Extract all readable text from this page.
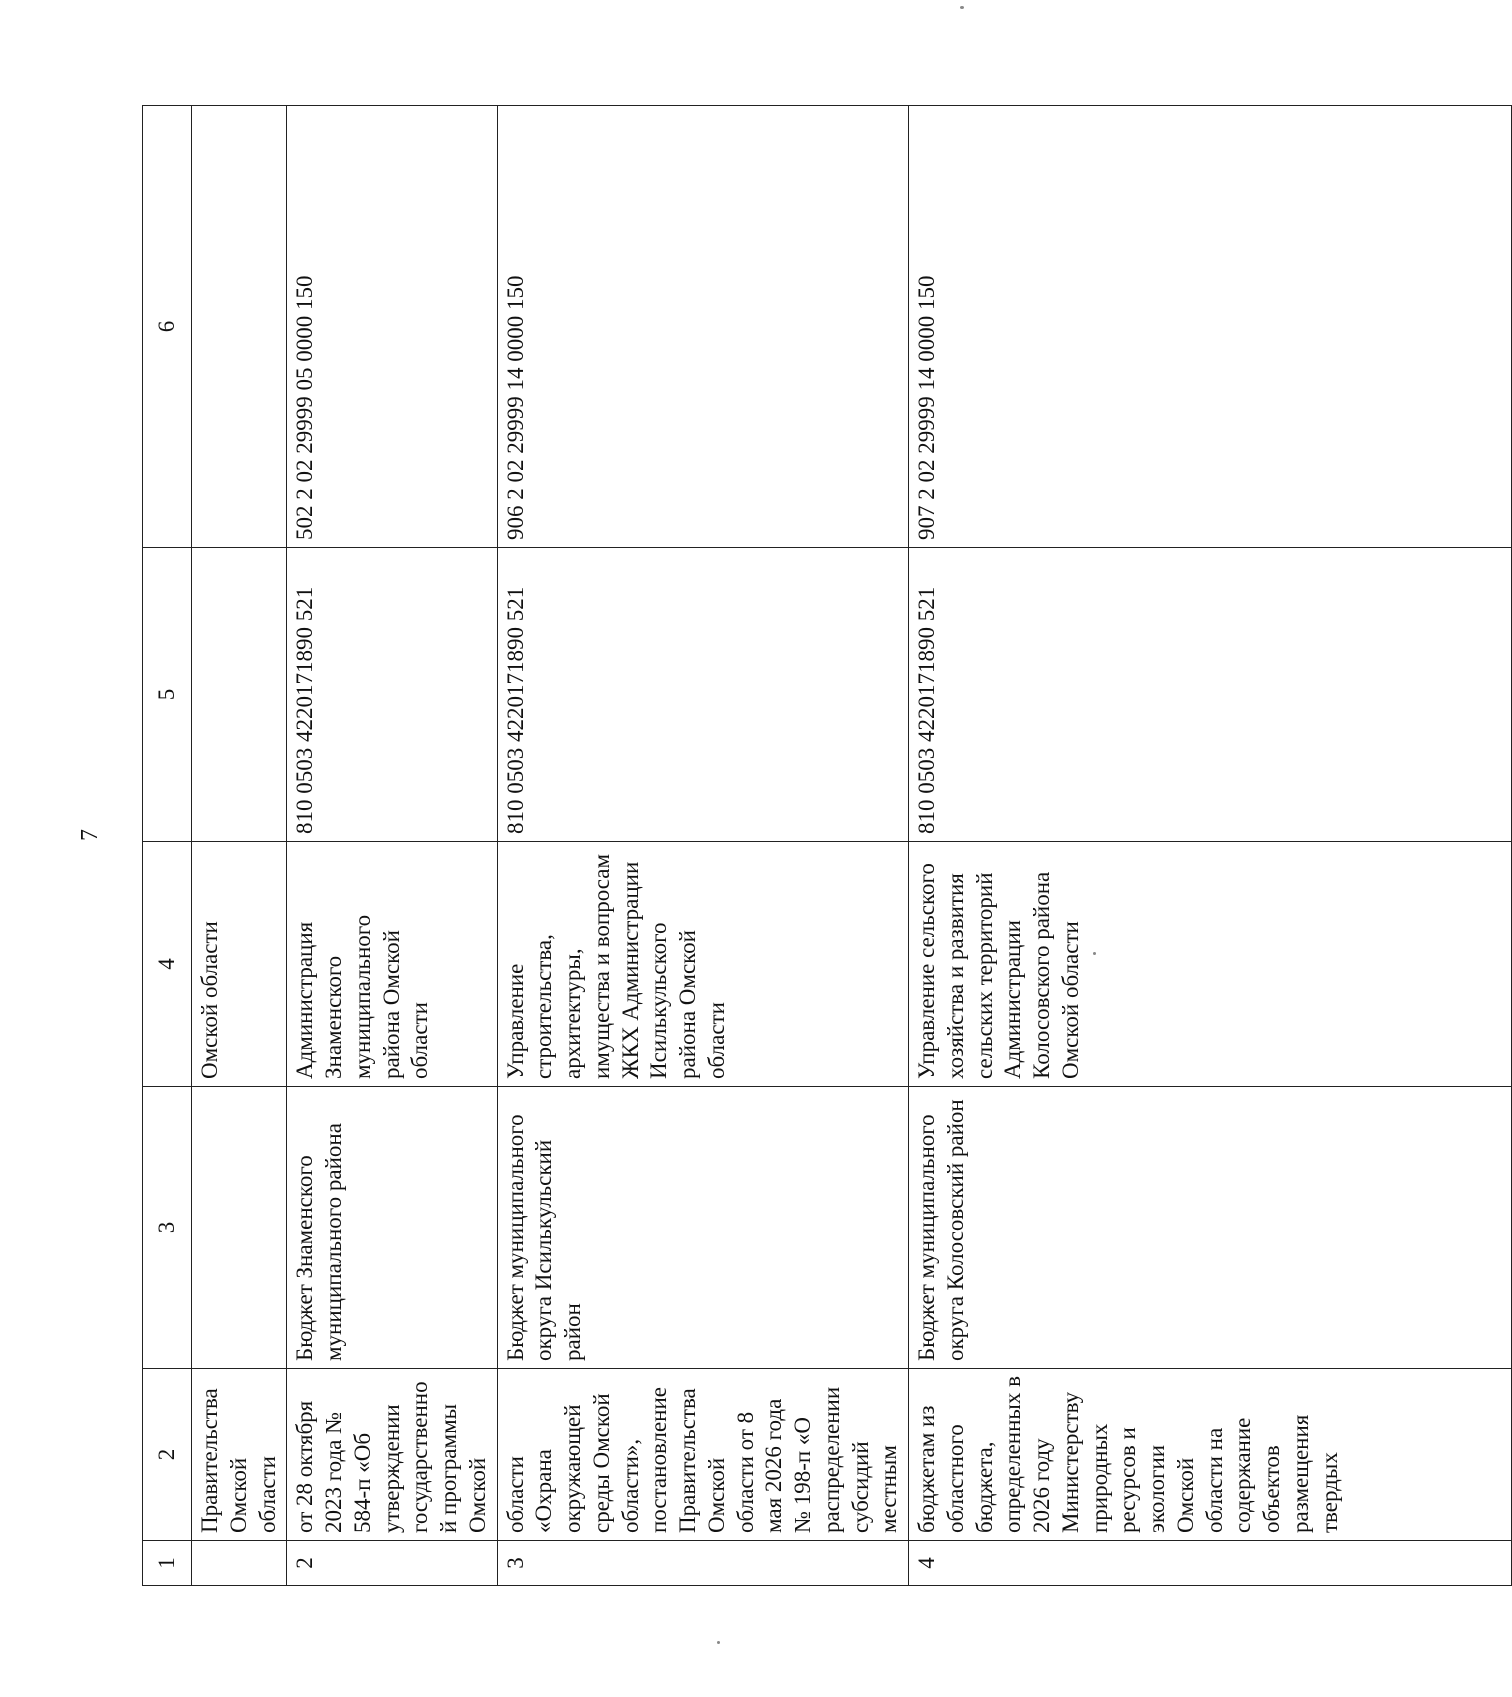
7
1	2	3	4	5	6
	Правительства Омской области		Омской области		
2	от 28 октября 2023 года № 584-п «Об утверждении государственной программы Омской	Бюджет Знаменского муниципального района	Администрация Знаменского муниципального района Омской области	810 0503 4220171890 521	502 2 02 29999 05 0000 150
3	области «Охрана окружающей среды Омской области», постановление Правительства Омской области от 8 мая 2026 года № 198-п «О распределении субсидий местным	Бюджет муниципального округа Исилькульский район	Управление строительства, архитектуры, имущества и вопросам ЖКХ Администрации Исилькульского района Омской области	810 0503 4220171890 521	906 2 02 29999 14 0000 150
4	бюджетам из областного бюджета, определенных в 2026 году Министерству природных ресурсов и экологии Омской области на содержание объектов размещения твердых	Бюджет муниципального округа Колосовский район	Управление сельского хозяйства и развития сельских территорий Администрации Колосовского района Омской области	810 0503 4220171890 521	907 2 02 29999 14 0000 150
